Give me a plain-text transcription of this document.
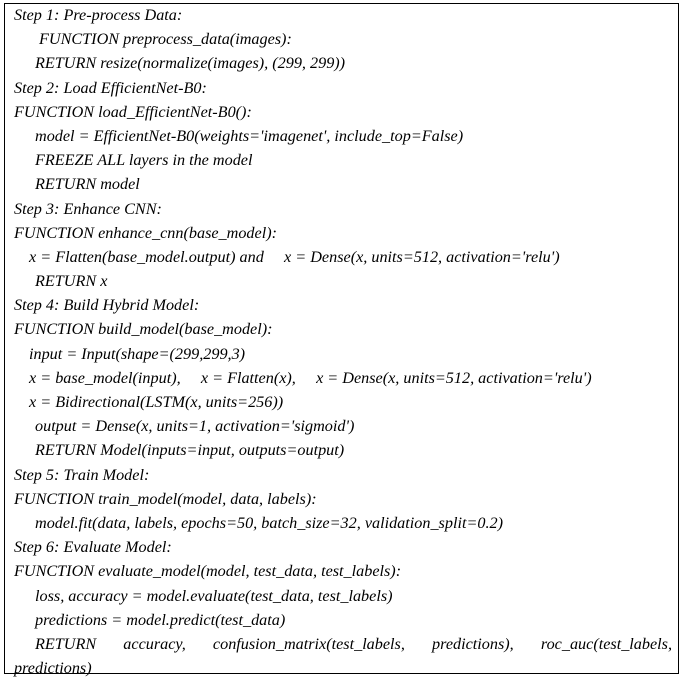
Step 1: Pre-process Data:
FUNCTION preprocess_data(images):
RETURN resize(normalize(images), (299, 299))
Step 2: Load EfficientNet-B0:
FUNCTION load_EfficientNet-B0():
model = EfficientNet-B0(weights='imagenet', include_top=False)
FREEZE ALL layers in the model
RETURN model
Step 3: Enhance CNN:
FUNCTION enhance_cnn(base_model):
x = Flatten(base_model.output) and     x = Dense(x, units=512, activation='relu')
RETURN x
Step 4: Build Hybrid Model:
FUNCTION build_model(base_model):
input = Input(shape=(299,299,3)
x = base_model(input),     x = Flatten(x),     x = Dense(x, units=512, activation='relu')
x = Bidirectional(LSTM(x, units=256))
output = Dense(x, units=1, activation='sigmoid')
RETURN Model(inputs=input, outputs=output)
Step 5: Train Model:
FUNCTION train_model(model, data, labels):
model.fit(data, labels, epochs=50, batch_size=32, validation_split=0.2)
Step 6: Evaluate Model:
FUNCTION evaluate_model(model, test_data, test_labels):
loss, accuracy = model.evaluate(test_data, test_labels)
predictions = model.predict(test_data)
RETURN accuracy, confusion_matrix(test_labels, predictions), roc_auc(test_labels,
predictions)
